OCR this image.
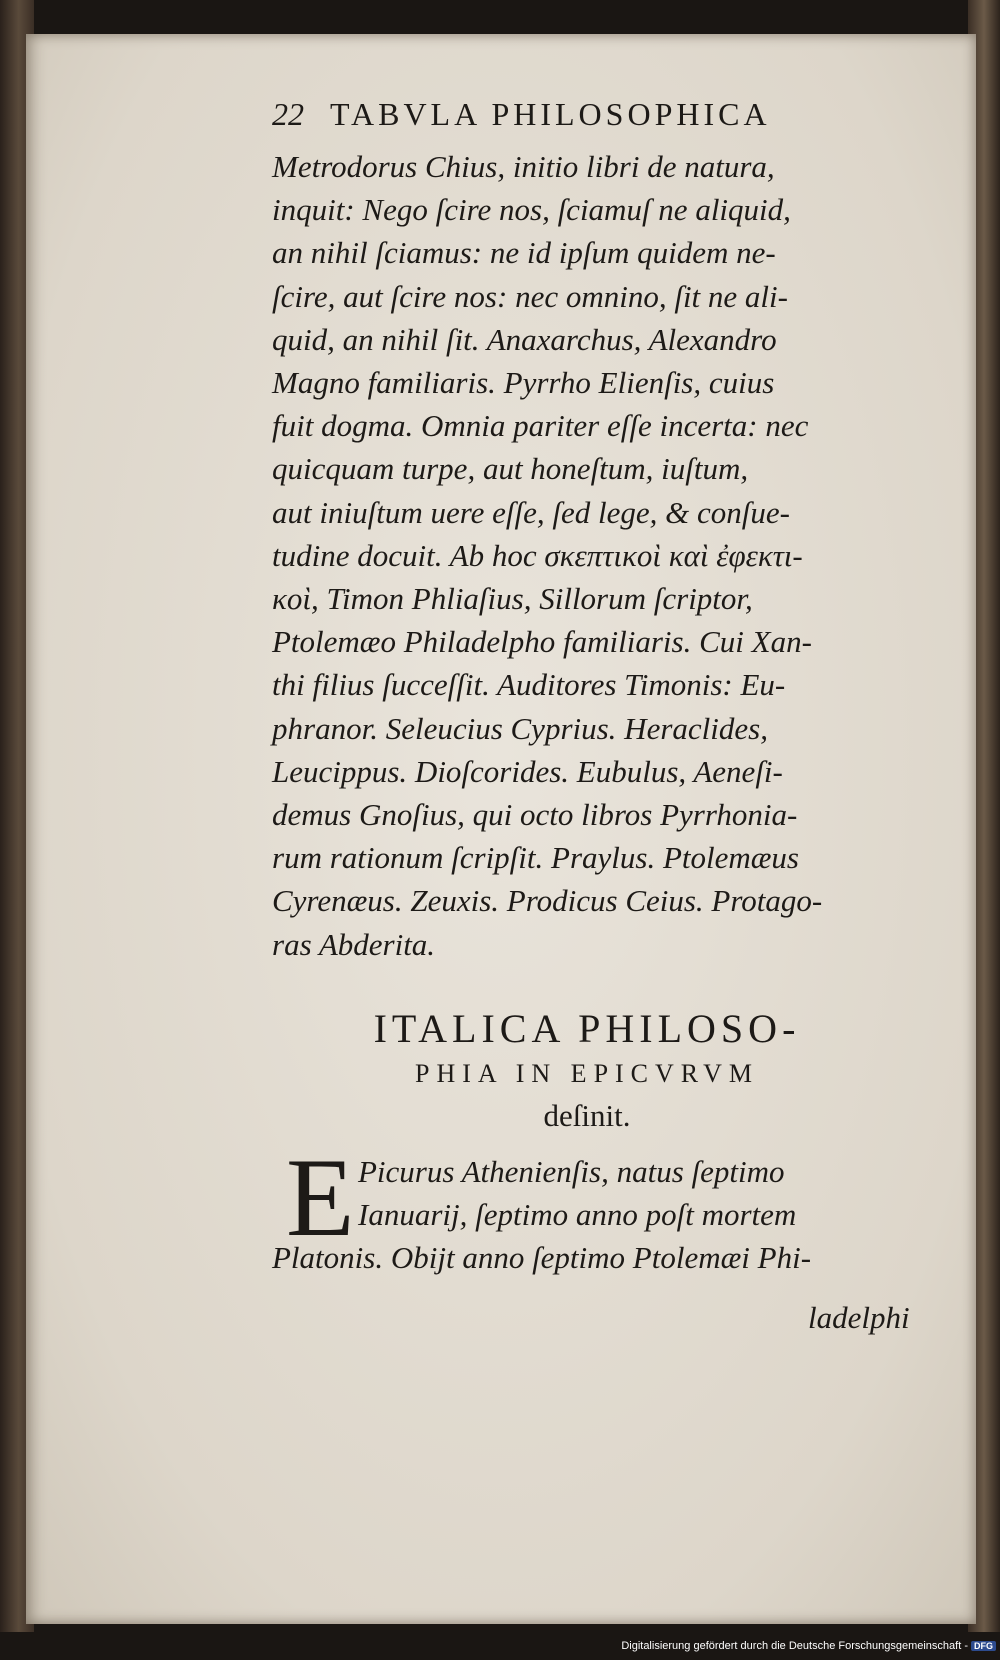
22 TABVLA PHILOSOPHICA
Metrodorus Chius, initio libri de natura,
inquit: Nego ſcire nos, ſciamuſ ne aliquid,
an nihil ſciamus: ne id ipſum quidem ne-
ſcire, aut ſcire nos: nec omnino, ſit ne ali-
quid, an nihil ſit. Anaxarchus, Alexandro
Magno familiaris. Pyrrho Elienſis, cuius
fuit dogma. Omnia pariter eſſe incerta: nec
quicquam turpe, aut honeſtum, iuſtum,
aut iniuſtum uere eſſe, ſed lege, & conſue-
tudine docuit. Ab hoc σκεπτικοὶ καὶ ἐφεκτι-
κοὶ, Timon Phliaſius, Sillorum ſcriptor,
Ptolemæo Philadelpho familiaris. Cui Xan-
thi filius ſucceſſit. Auditores Timonis: Eu-
phranor. Seleucius Cyprius. Heraclides,
Leucippus. Dioſcorides. Eubulus, Aeneſi-
demus Gnoſius, qui octo libros Pyrrhonia-
rum rationum ſcripſit. Praylus. Ptolemæus
Cyrenæus. Zeuxis. Prodicus Ceius. Protago-
ras Abderita.
ITALICA PHILOSO-
PHIA IN EPICVRVM
deſinit.
E Picurus Athenienſis, natus ſeptimo
Ianuarij, ſeptimo anno poſt mortem
Platonis. Obijt anno ſeptimo Ptolemæi Phi-
ladelphi
Digitalisierung gefördert durch die Deutsche Forschungsgemeinschaft - DFG
